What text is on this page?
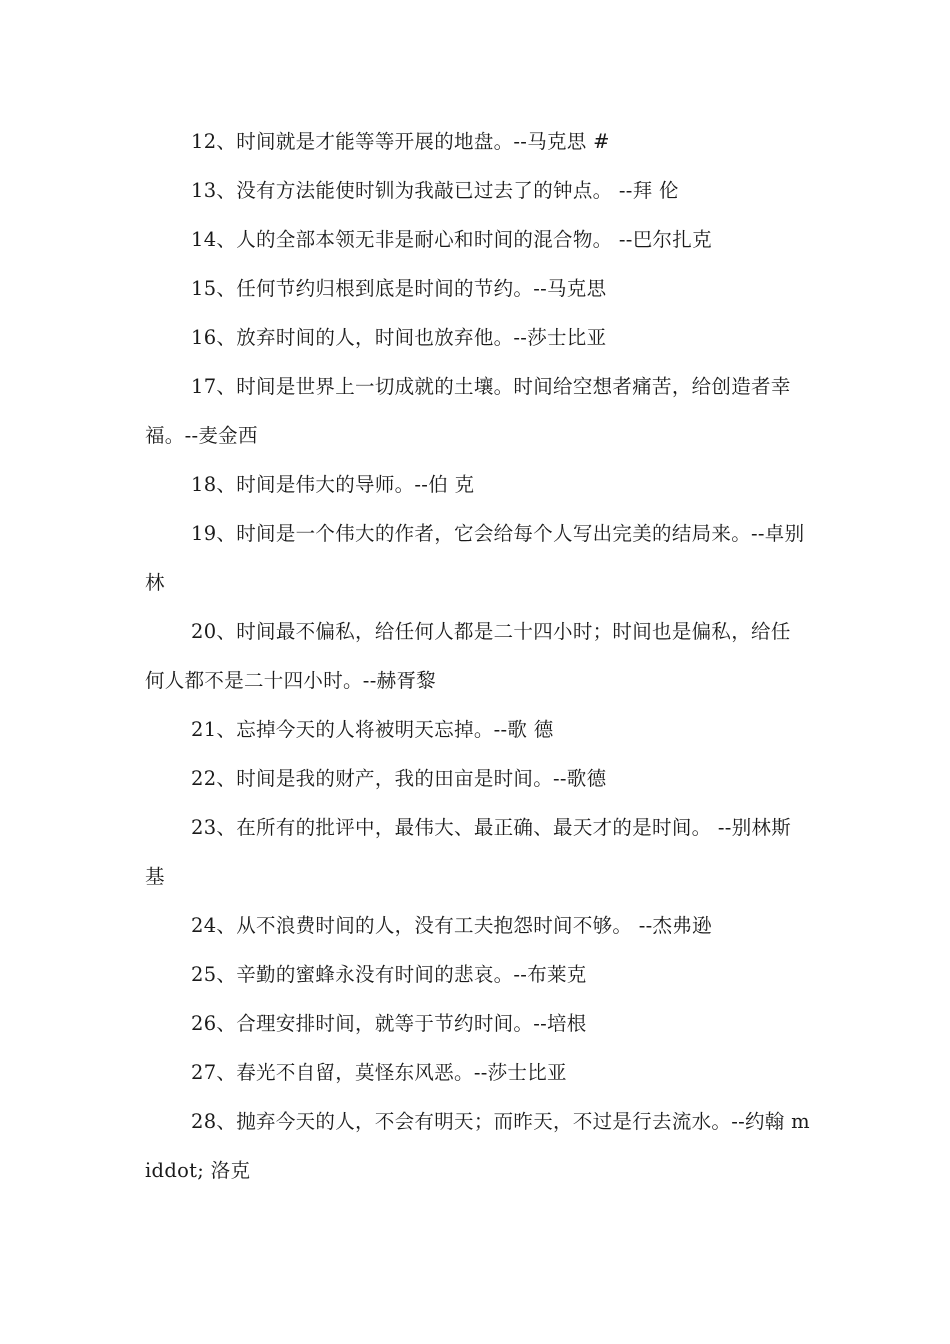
12、时间就是才能等等开展的地盘。--马克思 #

13、没有方法能使时钏为我敲已过去了的钟点。 --拜 伦

14、人的全部本领无非是耐心和时间的混合物。 --巴尔扎克

15、任何节约归根到底是时间的节约。--马克思

16、放弃时间的人，时间也放弃他。--莎士比亚

17、时间是世界上一切成就的土壤。时间给空想者痛苦，给创造者幸福。--麦金西

18、时间是伟大的导师。--伯 克

19、时间是一个伟大的作者，它会给每个人写出完美的结局来。--卓别林

20、时间最不偏私，给任何人都是二十四小时；时间也是偏私，给任何人都不是二十四小时。--赫胥黎

21、忘掉今天的人将被明天忘掉。--歌 德

22、时间是我的财产，我的田亩是时间。--歌德

23、在所有的批评中，最伟大、最正确、最天才的是时间。 --别林斯基

24、从不浪费时间的人，没有工夫抱怨时间不够。 --杰弗逊

25、辛勤的蜜蜂永没有时间的悲哀。--布莱克

26、合理安排时间，就等于节约时间。--培根

27、春光不自留，莫怪东风恶。--莎士比亚

28、抛弃今天的人，不会有明天；而昨天，不过是行去流水。--约翰 middot; 洛克
